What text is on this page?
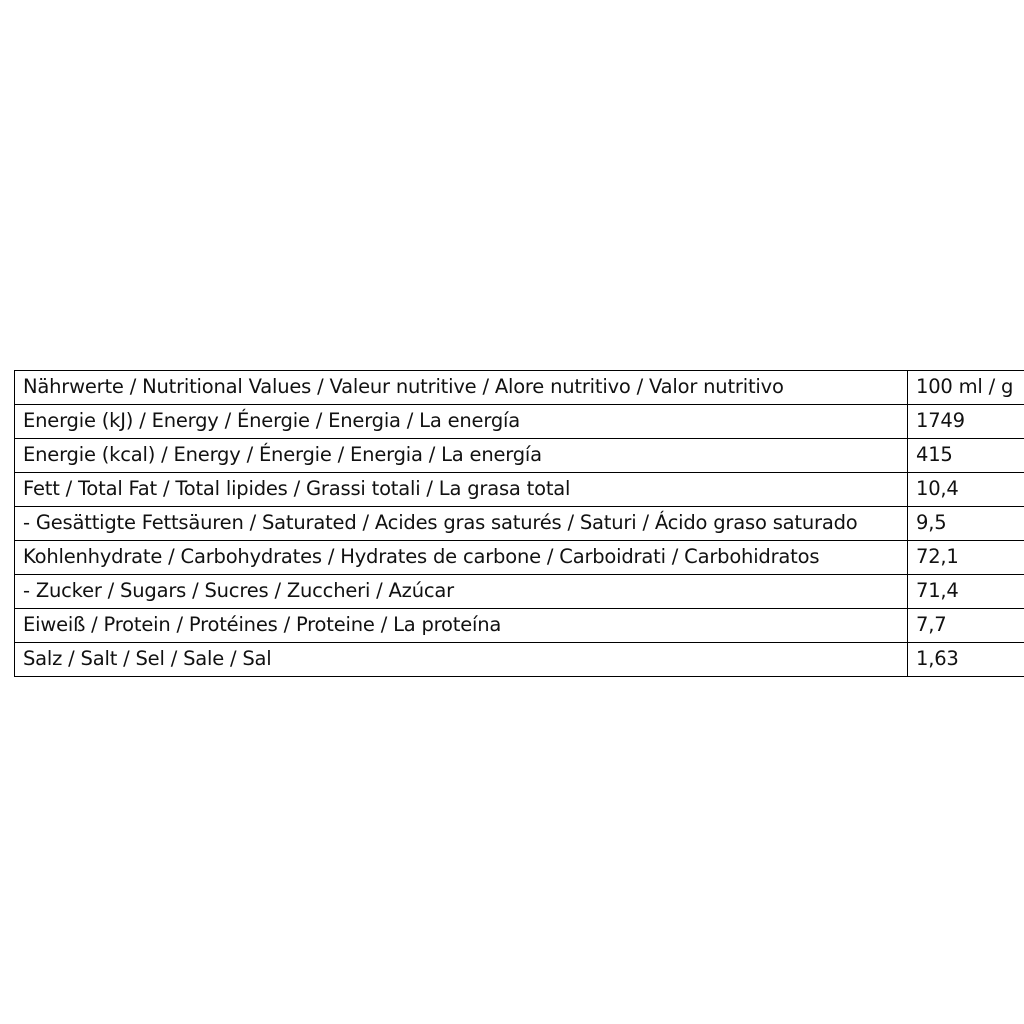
Nährwerte / Nutritional Values / Valeur nutritive / Alore nutritivo / Valor nutritivo	100 ml / g
Energie (kJ) / Energy / Énergie / Energia / La energía	1749
Energie (kcal) / Energy / Énergie / Energia / La energía	415
Fett / Total Fat / Total lipides / Grassi totali / La grasa total	10,4
- Gesättigte Fettsäuren / Saturated / Acides gras saturés / Saturi / Ácido graso saturado	9,5
Kohlenhydrate / Carbohydrates / Hydrates de carbone / Carboidrati / Carbohidratos	72,1
- Zucker / Sugars / Sucres / Zuccheri / Azúcar	71,4
Eiweiß / Protein / Protéines / Proteine / La proteína	7,7
Salz / Salt / Sel / Sale / Sal	1,63
